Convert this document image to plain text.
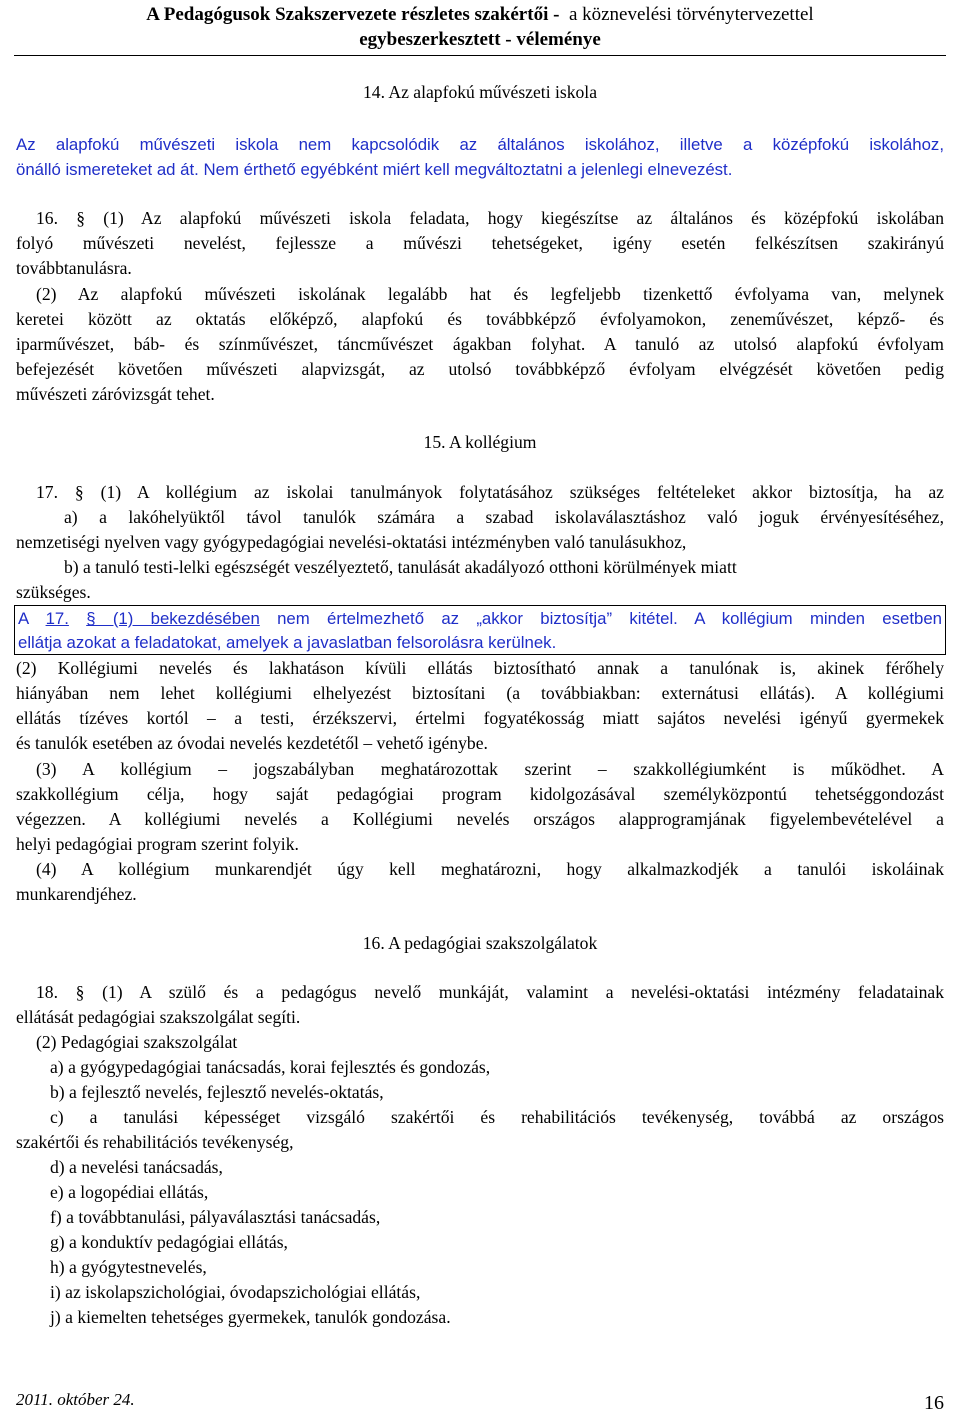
A Pedagógusok Szakszervezete részletes szakértői - a köznevelési törvénytervezettel
egybeszerkesztett - véleménye
14. Az alapfokú művészeti iskola
Az alapfokú művészeti iskola nem kapcsolódik az általános iskolához, illetve a középfokú iskolához,
önálló ismereteket ad át. Nem érthető egyébként miért kell megváltoztatni a jelenlegi elnevezést.
16. § (1) Az alapfokú művészeti iskola feladata, hogy kiegészítse az általános és középfokú iskolában
folyó művészeti nevelést, fejlessze a művészi tehetségeket, igény esetén felkészítsen szakirányú
továbbtanulásra.
(2) Az alapfokú művészeti iskolának legalább hat és legfeljebb tizenkettő évfolyama van, melynek
keretei között az oktatás előképző, alapfokú és továbbképző évfolyamokon, zeneművészet, képző- és
iparművészet, báb- és színművészet, táncművészet ágakban folyhat. A tanuló az utolsó alapfokú évfolyam
befejezését követően művészeti alapvizsgát, az utolsó továbbképző évfolyam elvégzését követően pedig
művészeti záróvizsgát tehet.
15. A kollégium
17. § (1) A kollégium az iskolai tanulmányok folytatásához szükséges feltételeket akkor biztosítja, ha az
a) a lakóhelyüktől távol tanulók számára a szabad iskolaválasztáshoz való joguk érvényesítéséhez,
nemzetiségi nyelven vagy gyógypedagógiai nevelési-oktatási intézményben való tanulásukhoz,
b) a tanuló testi-lelki egészségét veszélyeztető, tanulását akadályozó otthoni körülmények miatt
szükséges.
A 17. § (1) bekezdésében nem értelmezhető az „akkor biztosítja” kitétel. A kollégium minden esetben
ellátja azokat a feladatokat, amelyek a javaslatban felsorolásra kerülnek.
(2) Kollégiumi nevelés és lakhatáson kívüli ellátás biztosítható annak a tanulónak is, akinek férőhely
hiányában nem lehet kollégiumi elhelyezést biztosítani (a továbbiakban: externátusi ellátás). A kollégiumi
ellátás tízéves kortól – a testi, érzékszervi, értelmi fogyatékosság miatt sajátos nevelési igényű gyermekek
és tanulók esetében az óvodai nevelés kezdetétől – vehető igénybe.
(3) A kollégium – jogszabályban meghatározottak szerint – szakkollégiumként is működhet. A
szakkollégium célja, hogy saját pedagógiai program kidolgozásával személyközpontú tehetséggondozást
végezzen. A kollégiumi nevelés a Kollégiumi nevelés országos alapprogramjának figyelembevételével a
helyi pedagógiai program szerint folyik.
(4) A kollégium munkarendjét úgy kell meghatározni, hogy alkalmazkodjék a tanulói iskoláinak
munkarendjéhez.
16. A pedagógiai szakszolgálatok
18. § (1) A szülő és a pedagógus nevelő munkáját, valamint a nevelési-oktatási intézmény feladatainak
ellátását pedagógiai szakszolgálat segíti.
(2) Pedagógiai szakszolgálat
a) a gyógypedagógiai tanácsadás, korai fejlesztés és gondozás,
b) a fejlesztő nevelés, fejlesztő nevelés-oktatás,
c) a tanulási képességet vizsgáló szakértői és rehabilitációs tevékenység, továbbá az országos
szakértői és rehabilitációs tevékenység,
d) a nevelési tanácsadás,
e) a logopédiai ellátás,
f) a továbbtanulási, pályaválasztási tanácsadás,
g) a konduktív pedagógiai ellátás,
h) a gyógytestnevelés,
i) az iskolapszichológiai, óvodapszichológiai ellátás,
j) a kiemelten tehetséges gyermekek, tanulók gondozása.
2011. október 24.	16
